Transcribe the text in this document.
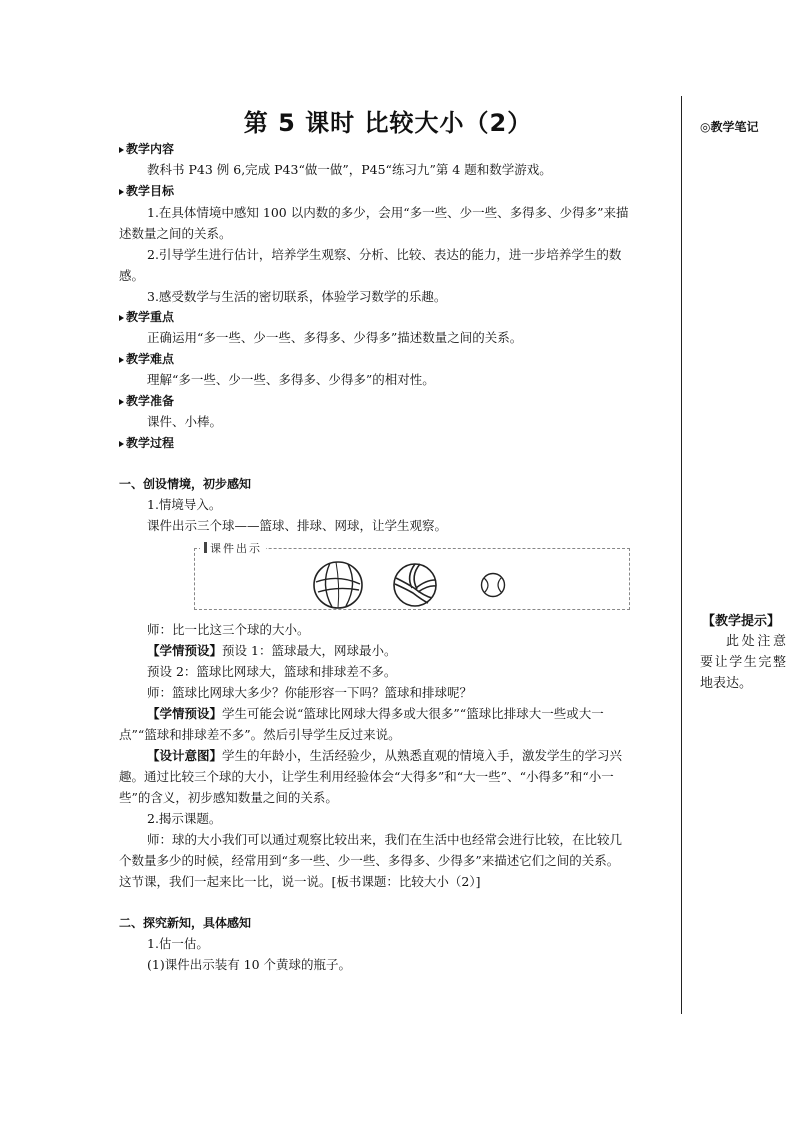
第 5 课时 比较大小（2）	◎教学笔记
【教学提示】
此处注意要让学生完整地表达。
教学内容
教科书 P43 例 6,完成 P43“做一做”，P45“练习九”第 4 题和数学游戏。
教学目标
1.在具体情境中感知 100 以内数的多少，会用“多一些、少一些、多得多、少得多”来描
述数量之间的关系。
2.引导学生进行估计，培养学生观察、分析、比较、表达的能力，进一步培养学生的数
感。
3.感受数学与生活的密切联系，体验学习数学的乐趣。
教学重点
正确运用“多一些、少一些、多得多、少得多”描述数量之间的关系。
教学难点
理解“多一些、少一些、多得多、少得多”的相对性。
教学准备
课件、小棒。
教学过程
一、创设情境，初步感知
1.情境导入。
课件出示三个球——篮球、排球、网球，让学生观察。
师：比一比这三个球的大小。
【学情预设】预设 1：篮球最大，网球最小。
预设 2：篮球比网球大，篮球和排球差不多。
师：篮球比网球大多少？你能形容一下吗？篮球和排球呢？
【学情预设】学生可能会说“篮球比网球大得多或大很多”“篮球比排球大一些或大一
点”“篮球和排球差不多”。然后引导学生反过来说。
【设计意图】学生的年龄小，生活经验少，从熟悉直观的情境入手，激发学生的学习兴
趣。通过比较三个球的大小，让学生利用经验体会“大得多”和“大一些”、“小得多”和“小一
些”的含义，初步感知数量之间的关系。
2.揭示课题。
师：球的大小我们可以通过观察比较出来，我们在生活中也经常会进行比较，在比较几
个数量多少的时候，经常用到“多一些、少一些、多得多、少得多”来描述它们之间的关系。
这节课，我们一起来比一比，说一说。[板书课题：比较大小（2）]
二、探究新知，具体感知
1.估一估。
(1)课件出示装有 10 个黄球的瓶子。
课件出示
